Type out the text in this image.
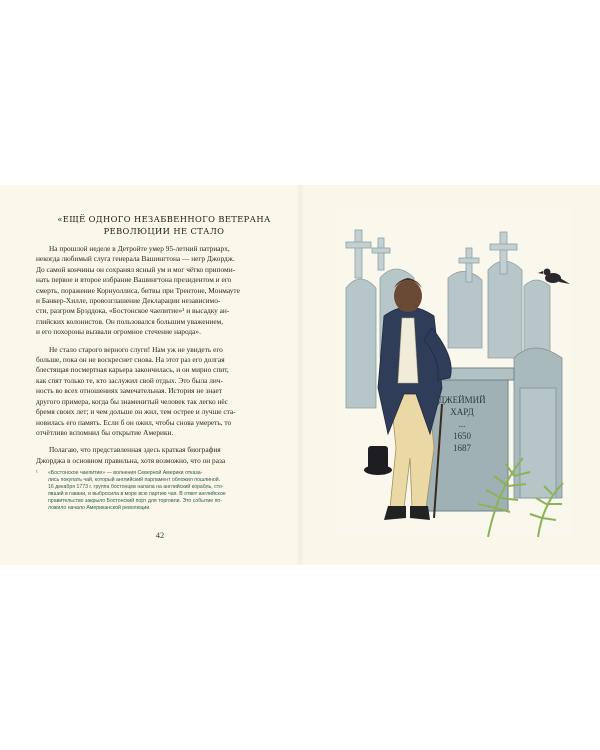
«ЕЩЁ ОДНОГО НЕЗАБВЕННОГО ВЕТЕРАНА РЕВОЛЮЦИИ НЕ СТАЛО

На прошлой неделе в Детройте умер 95-летний патриарх,
некогда любимый слуга генерала Вашингтона — негр Джордж.
До самой кончины он сохранял ясный ум и мог чётко припоми-
нать первое и второе избрание Вашингтона президентом и его
смерть, поражение Корнуоллиса, битвы при Трентоне, Монмауте
и Банкер-Хилле, провозглашение Декларации независимо-
сти, разгром Брэддока, «Бостонское чаепитие»¹ и высадку ан-
глийских колонистов. Он пользовался большим уважением,
и его похороны вызвали огромное стечение народа».

Не стало старого верного слуги! Нам уж не увидеть его
больше, пока он не воскреснет снова. На этот раз его долгая
блестящая посмертная карьера закончилась, и он мирно спит,
как спят только те, кто заслужил свой отдых. Это была лич-
ность во всех отношениях замечательная. История не знает
другого примера, когда бы знаменитый человек так легко нёс
бремя своих лет; и чем дольше он жил, тем острее и лучше ста-
новилась его память. Если б он ожил, чтобы снова умереть, то
отчётливо вспомнил бы открытие Америки.

Полагаю, что представленная здесь краткая биография
Джорджа в основном правильна, хотя возможно, что он раза

¹ «Бостонское чаепитие» — волнения Северной Америки отказа-
лись покупать чай, который английский парламент обложил пошлиной.
16 декабря 1773 г. группа бостонцев напала на английский корабль, сто-
явший в гавани, и выбросила в море всю партию чая. В ответ английское
правительство закрыло Бостонский порт для торговли. Это событие по-
ложило начало Американской революции.
42
ДЖЕЙМИЙ
ХАРД
...
1650
1687
